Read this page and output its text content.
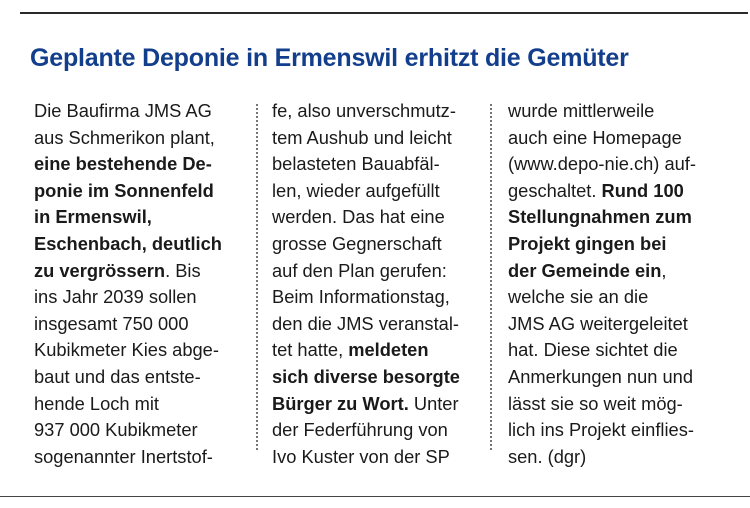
Geplante Deponie in Ermenswil erhitzt die Gemüter
Die Baufirma JMS AG
aus Schmerikon plant,
eine bestehende De-
ponie im Sonnenfeld
in Ermenswil,
Eschenbach, deutlich
zu vergrössern. Bis
ins Jahr 2039 sollen
insgesamt 750 000
Kubikmeter Kies abge-
baut und das entste-
hende Loch mit
937 000 Kubikmeter
sogenannter Inertstof-
fe, also unverschmutz-
tem Aushub und leicht
belasteten Bauabfäl-
len, wieder aufgefüllt
werden. Das hat eine
grosse Gegnerschaft
auf den Plan gerufen:
Beim Informationstag,
den die JMS veranstal-
tet hatte, meldeten
sich diverse besorgte
Bürger zu Wort. Unter
der Federführung von
Ivo Kuster von der SP
wurde mittlerweile
auch eine Homepage
(www.depo-nie.ch) auf-
geschaltet. Rund 100
Stellungnahmen zum
Projekt gingen bei
der Gemeinde ein,
welche sie an die
JMS AG weitergeleitet
hat. Diese sichtet die
Anmerkungen nun und
lässt sie so weit mög-
lich ins Projekt einflies-
sen. (dgr)
